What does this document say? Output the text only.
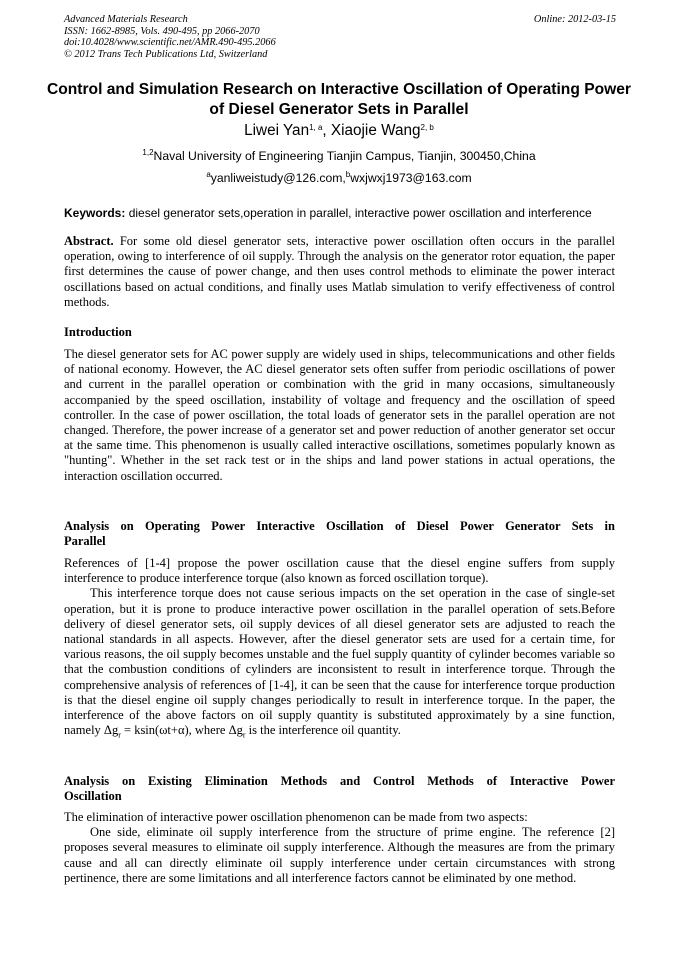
Advanced Materials Research
ISSN: 1662-8985, Vols. 490-495, pp 2066-2070
doi:10.4028/www.scientific.net/AMR.490-495.2066
© 2012 Trans Tech Publications Ltd, Switzerland
Online: 2012-03-15
Control and Simulation Research on Interactive Oscillation of Operating Power of Diesel Generator Sets in Parallel
Liwei Yan$^{1, a}$, Xiaojie Wang$^{2, b}$
$^{1,2}$Naval University of Engineering Tianjin Campus, Tianjin, 300450,China
$^a$yanliweistudy@126.com,$^b$wxjwxj1973@163.com
Keywords: diesel generator sets,operation in parallel, interactive power oscillation and interference

Abstract. For some old diesel generator sets, interactive power oscillation often occurs in the parallel operation, owing to interference of oil supply. Through the analysis on the generator rotor equation, the paper first determines the cause of power change, and then uses control methods to eliminate the power interact oscillations based on actual conditions, and finally uses Matlab simulation to verify effectiveness of control methods.

Introduction

The diesel generator sets for AC power supply are widely used in ships, telecommunications and other fields of national economy. However, the AC diesel generator sets often suffer from periodic oscillations of power and current in the parallel operation or combination with the grid in many occasions, simultaneously accompanied by the speed oscillation, instability of voltage and frequency and the oscillation of speed controller. In the case of power oscillation, the total loads of generator sets in the parallel operation are not changed. Therefore, the power increase of a generator set and power reduction of another generator set occur at the same time. This phenomenon is usually called interactive oscillations, sometimes popularly known as "hunting". Whether in the set rack test or in the ships and land power stations in actual operations, the interaction oscillation occurred.

Analysis on Operating Power Interactive Oscillation of Diesel Power Generator Sets in
Parallel

References of [1-4] propose the power oscillation cause that the diesel engine suffers from supply interference to produce interference torque (also known as forced oscillation torque).

This interference torque does not cause serious impacts on the set operation in the case of single-set operation, but it is prone to produce interactive power oscillation in the parallel operation of sets.Before delivery of diesel generator sets, oil supply devices of all diesel generator sets are adjusted to reach the national standards in all aspects. However, after the diesel generator sets are used for a certain time, for various reasons, the oil supply becomes unstable and the fuel supply quantity of cylinder becomes variable so that the combustion conditions of cylinders are inconsistent to result in interference torque. Through the comprehensive analysis of references of [1-4], it can be seen that the cause for interference torque production is that the diesel engine oil supply changes periodically to result in interference torque. In the paper, the interference of the above factors on oil supply quantity is substituted approximately by a sine function, namely $\Delta g_r = ksin(\omega t+\alpha)$, where $\Delta g_r$ is the interference oil quantity.

Analysis on Existing Elimination Methods and Control Methods of Interactive Power
Oscillation

The elimination of interactive power oscillation phenomenon can be made from two aspects:

One side, eliminate oil supply interference from the structure of prime engine. The reference [2] proposes several measures to eliminate oil supply interference. Although the measures are from the primary cause and all can directly eliminate oil supply interference under certain circumstances with strong pertinence, there are some limitations and all interference factors cannot be eliminated by one method.
